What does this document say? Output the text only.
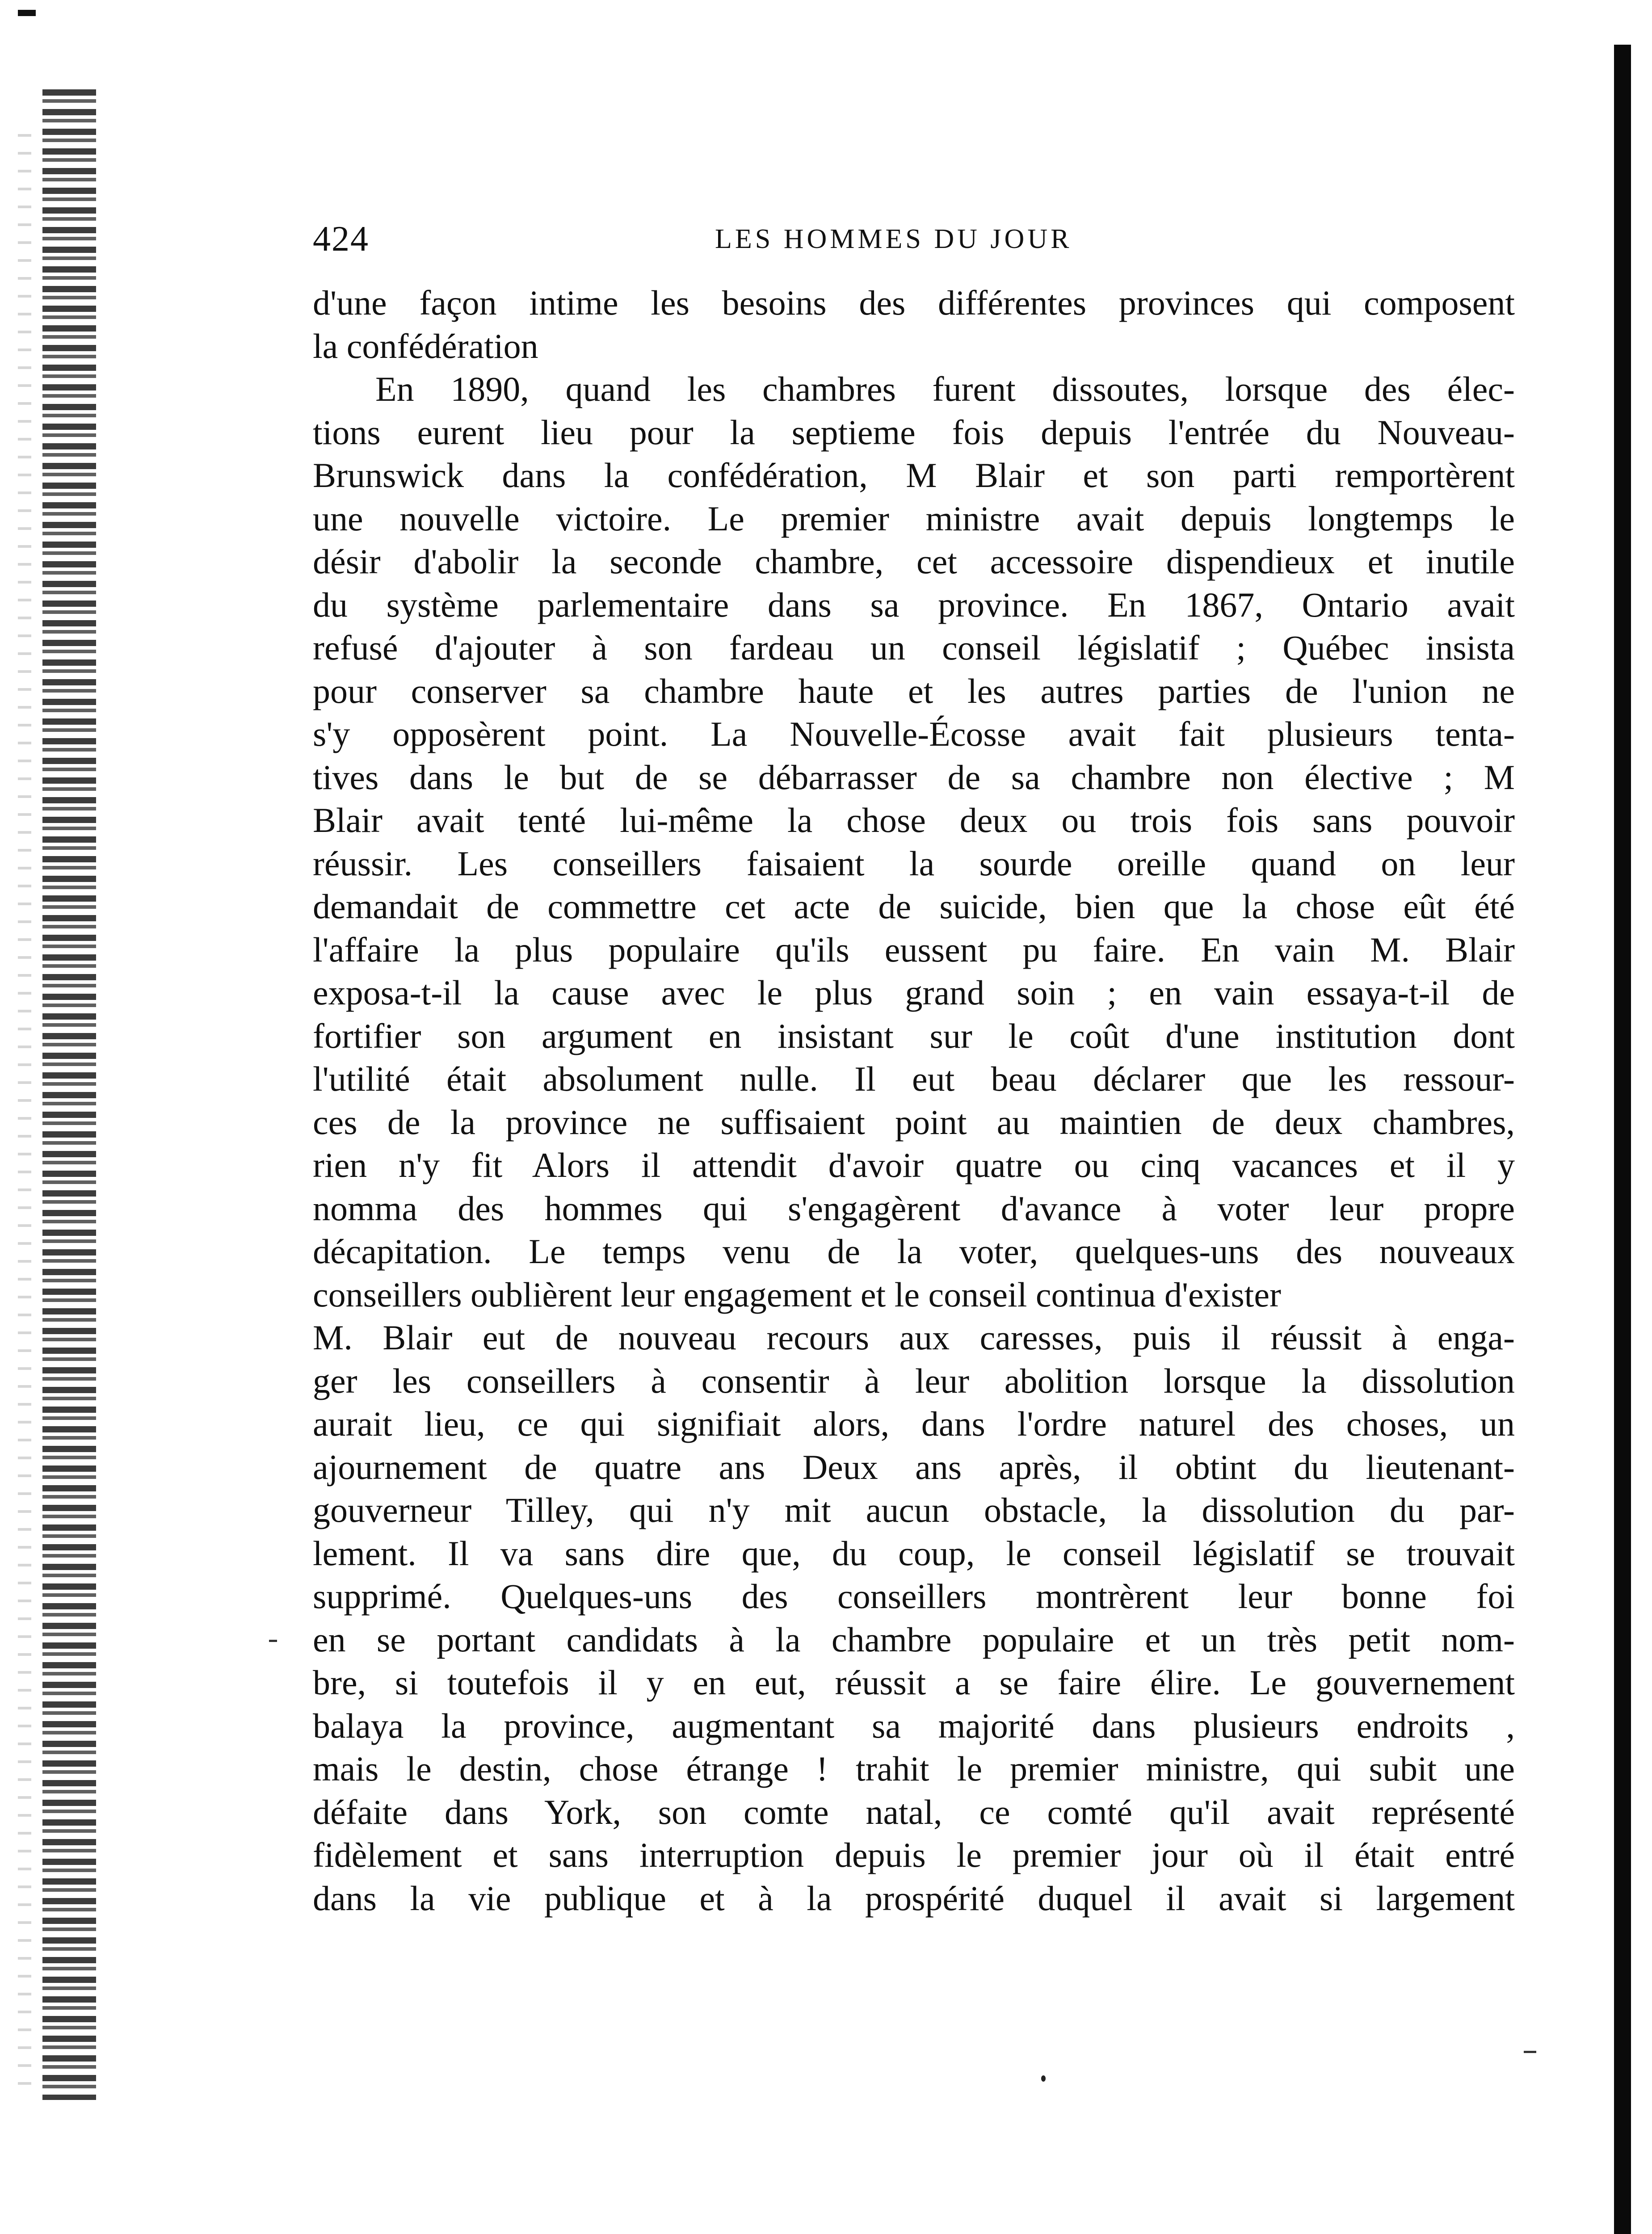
424	LES HOMMES DU JOUR
d'une façon intime les besoins des différentes provinces qui composent
la confédération
En 1890, quand les chambres furent dissoutes, lorsque des élec-
tions eurent lieu pour la septieme fois depuis l'entrée du Nouveau-
Brunswick dans la confédération, M Blair et son parti remportèrent
une nouvelle victoire. Le premier ministre avait depuis longtemps le
désir d'abolir la seconde chambre, cet accessoire dispendieux et inutile
du système parlementaire dans sa province. En 1867, Ontario avait
refusé d'ajouter à son fardeau un conseil législatif ; Québec insista
pour conserver sa chambre haute et les autres parties de l'union ne
s'y opposèrent point. La Nouvelle-Écosse avait fait plusieurs tenta-
tives dans le but de se débarrasser de sa chambre non élective ; M
Blair avait tenté lui-même la chose deux ou trois fois sans pouvoir
réussir. Les conseillers faisaient la sourde oreille quand on leur
demandait de commettre cet acte de suicide, bien que la chose eût été
l'affaire la plus populaire qu'ils eussent pu faire. En vain M. Blair
exposa-t-il la cause avec le plus grand soin ; en vain essaya-t-il de
fortifier son argument en insistant sur le coût d'une institution dont
l'utilité était absolument nulle. Il eut beau déclarer que les ressour-
ces de la province ne suffisaient point au maintien de deux chambres,
rien n'y fit Alors il attendit d'avoir quatre ou cinq vacances et il y
nomma des hommes qui s'engagèrent d'avance à voter leur propre
décapitation. Le temps venu de la voter, quelques-uns des nouveaux
conseillers oublièrent leur engagement et le conseil continua d'exister
M. Blair eut de nouveau recours aux caresses, puis il réussit à enga-
ger les conseillers à consentir à leur abolition lorsque la dissolution
aurait lieu, ce qui signifiait alors, dans l'ordre naturel des choses, un
ajournement de quatre ans Deux ans après, il obtint du lieutenant-
gouverneur Tilley, qui n'y mit aucun obstacle, la dissolution du par-
lement. Il va sans dire que, du coup, le conseil législatif se trouvait
supprimé. Quelques-uns des conseillers montrèrent leur bonne foi
en se portant candidats à la chambre populaire et un très petit nom-
bre, si toutefois il y en eut, réussit a se faire élire. Le gouvernement
balaya la province, augmentant sa majorité dans plusieurs endroits ,
mais le destin, chose étrange ! trahit le premier ministre, qui subit une
défaite dans York, son comte natal, ce comté qu'il avait représenté
fidèlement et sans interruption depuis le premier jour où il était entré
dans la vie publique et à la prospérité duquel il avait si largement
